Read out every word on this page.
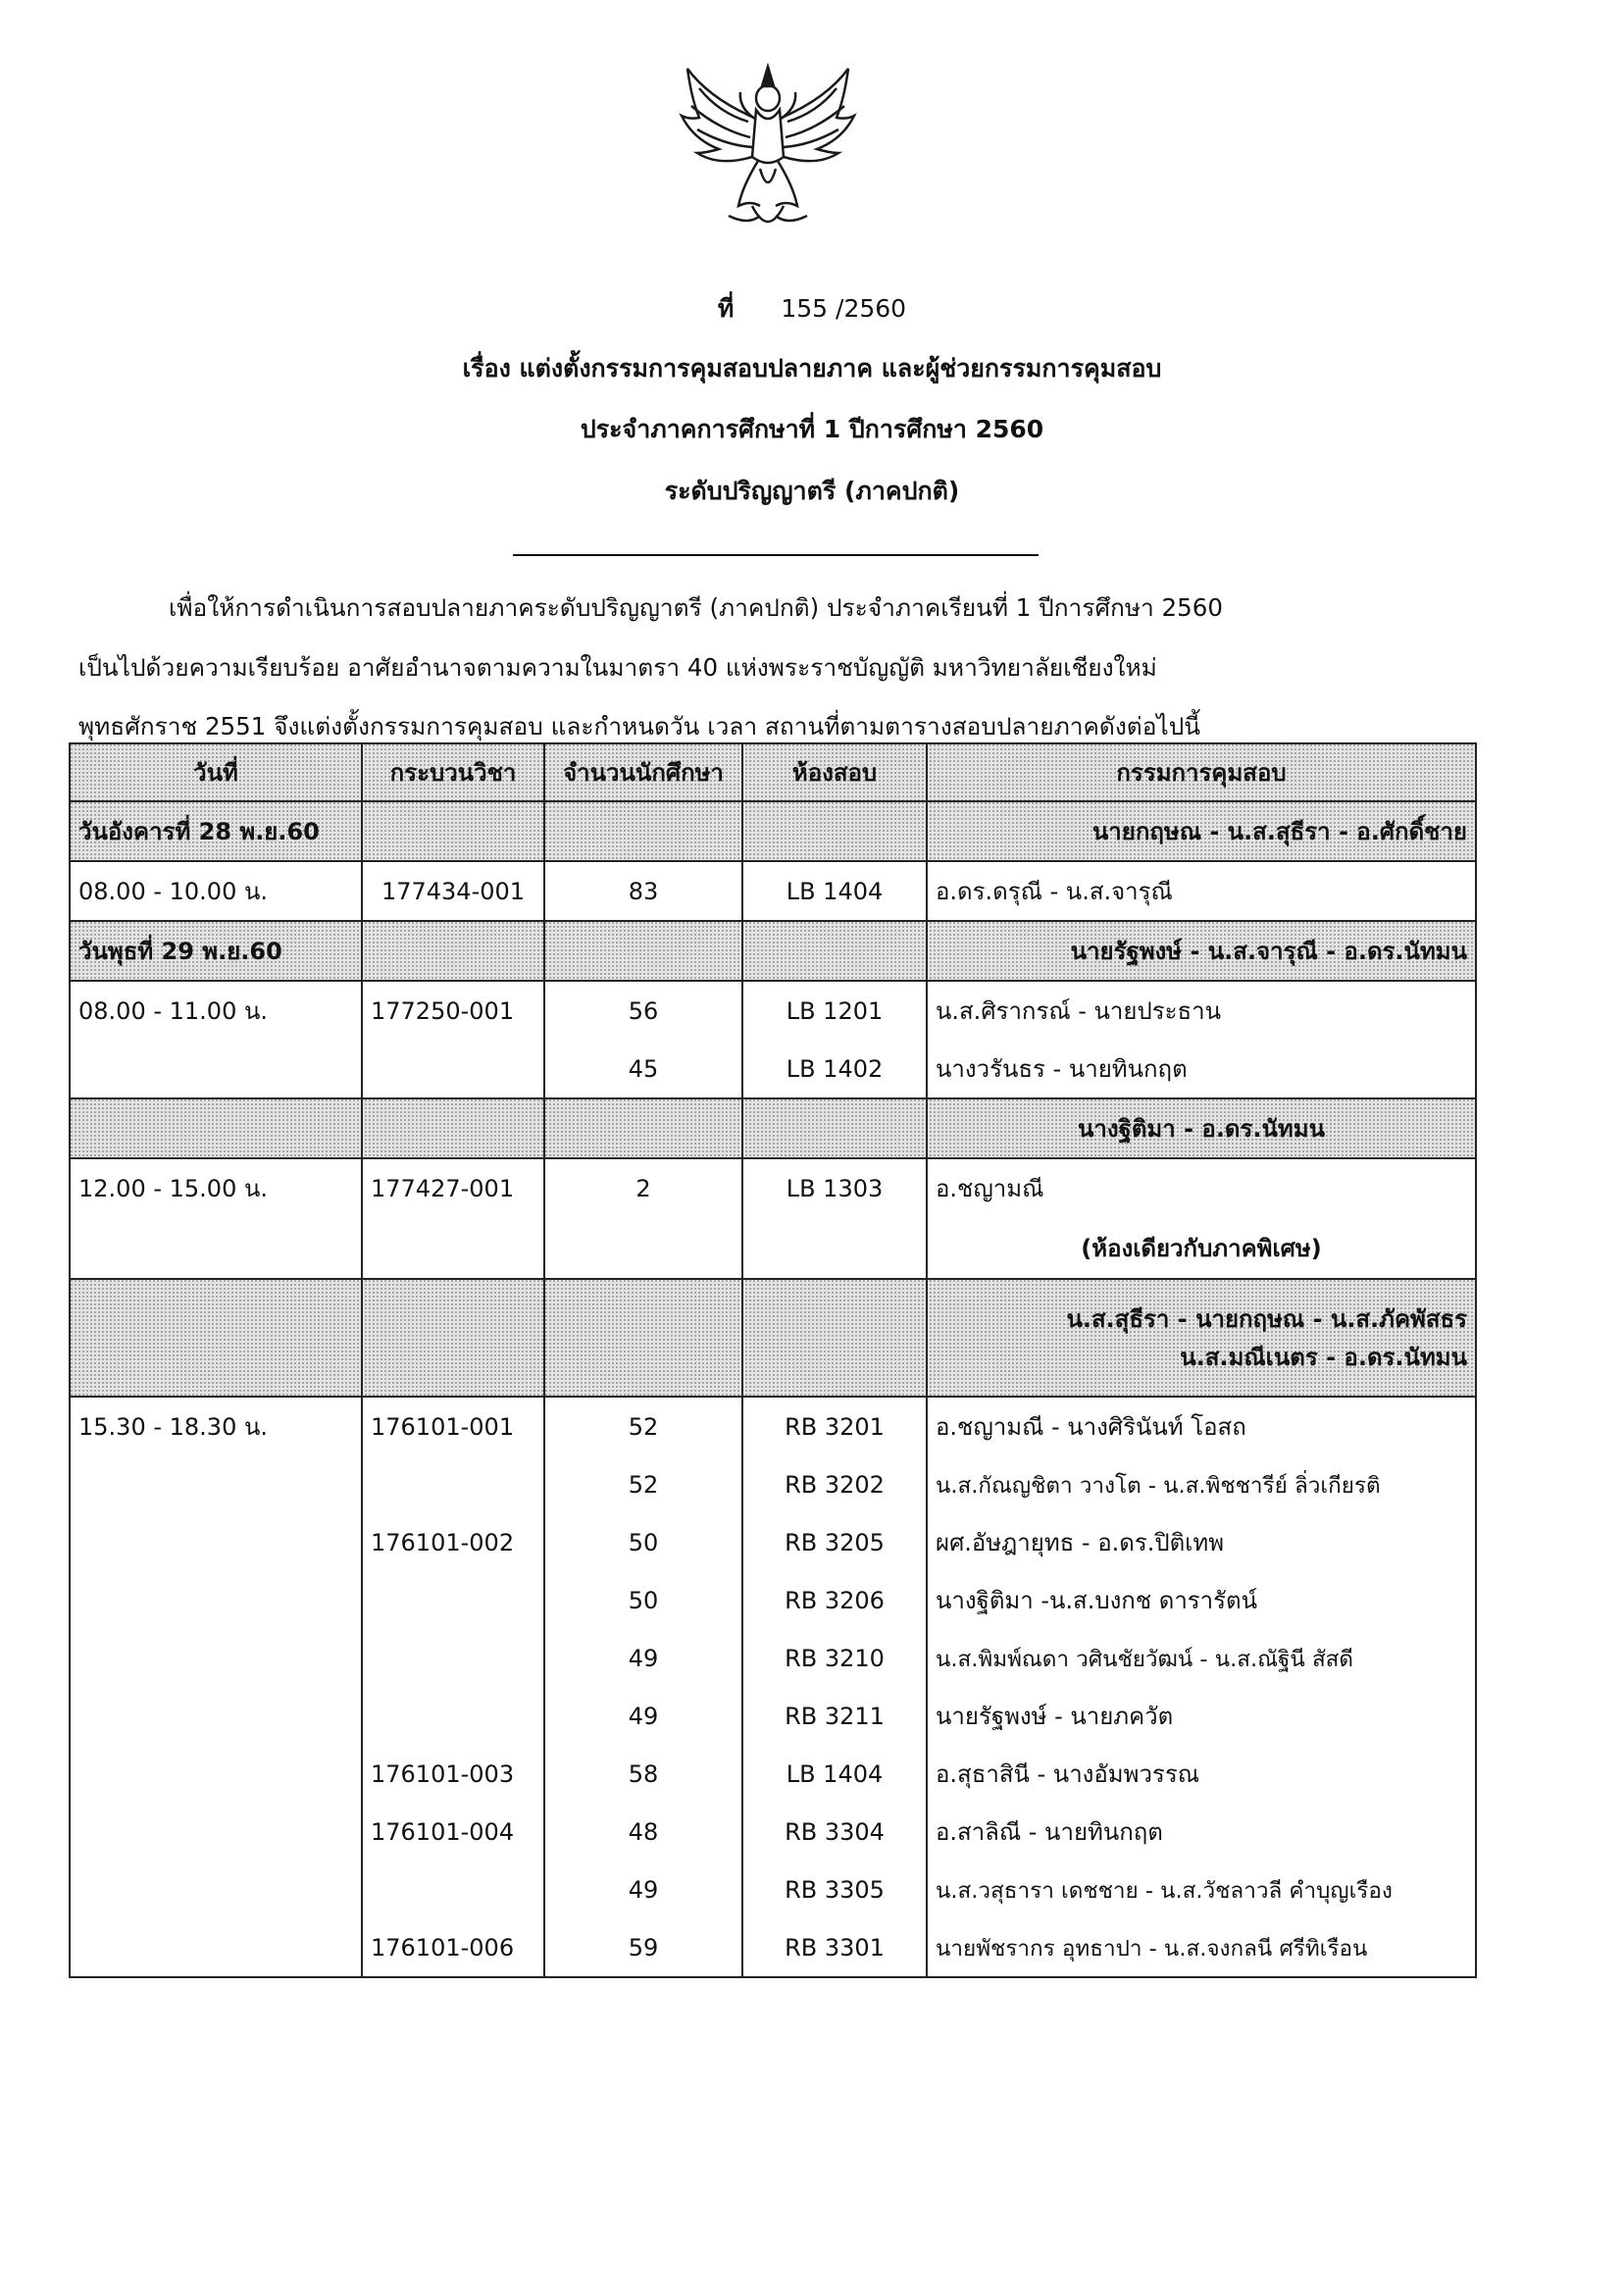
ที่ 155 /2560
เรื่อง แต่งตั้งกรรมการคุมสอบปลายภาค และผู้ช่วยกรรมการคุมสอบ
ประจำภาคการศึกษาที่ 1 ปีการศึกษา 2560
ระดับปริญญาตรี (ภาคปกติ)
เพื่อให้การดำเนินการสอบปลายภาคระดับปริญญาตรี (ภาคปกติ) ประจำภาคเรียนที่ 1 ปีการศึกษา 2560
เป็นไปด้วยความเรียบร้อย อาศัยอำนาจตามความในมาตรา 40 แห่งพระราชบัญญัติ มหาวิทยาลัยเชียงใหม่
พุทธศักราช 2551 จึงแต่งตั้งกรรมการคุมสอบ และกำหนดวัน เวลา สถานที่ตามตารางสอบปลายภาคดังต่อไปนี้
วันที่	กระบวนวิชา	จำนวนนักศึกษา	ห้องสอบ	กรรมการคุมสอบ
วันอังคารที่ 28 พ.ย.60				นายกฤษณ - น.ส.สุธีรา - อ.ศักดิ์ชาย
08.00 - 10.00 น.	177434-001	83	LB 1404	อ.ดร.ดรุณี - น.ส.จารุณี
วันพุธที่ 29 พ.ย.60				นายรัฐพงษ์ - น.ส.จารุณี - อ.ดร.นัทมน
08.00 - 11.00 น.	177250-001	56	LB 1201	น.ส.ศิรากรณ์ - นายประธาน
		45	LB 1402	นางวรันธร - นายทินกฤต
				นางฐิติมา - อ.ดร.นัทมน
12.00 - 15.00 น.	177427-001	2	LB 1303	อ.ชญามณี
				(ห้องเดียวกับภาคพิเศษ)
				น.ส.สุธีรา - นายกฤษณ - น.ส.ภัคพัสธร
				น.ส.มณีเนตร - อ.ดร.นัทมน
15.30 - 18.30 น.	176101-001	52	RB 3201	อ.ชญามณี - นางศิรินันท์ โอสถ
		52	RB 3202	น.ส.กัณญชิตา วางโต - น.ส.พิชชารีย์ ลิ่วเกียรติ
	176101-002	50	RB 3205	ผศ.อัษฎายุทธ - อ.ดร.ปิติเทพ
		50	RB 3206	นางฐิติมา -น.ส.บงกช ดารารัตน์
		49	RB 3210	น.ส.พิมพ์ณดา วศินชัยวัฒน์ - น.ส.ณัฐินี สัสดี
		49	RB 3211	นายรัฐพงษ์ - นายภควัต
	176101-003	58	LB 1404	อ.สุธาสินี - นางอัมพวรรณ
	176101-004	48	RB 3304	อ.สาลิณี - นายทินกฤต
		49	RB 3305	น.ส.วสุธารา เดชชาย - น.ส.วัชลาวลี คำบุญเรือง
	176101-006	59	RB 3301	นายพัชรากร อุทธาปา - น.ส.จงกลนี ศรีทิเรือน
